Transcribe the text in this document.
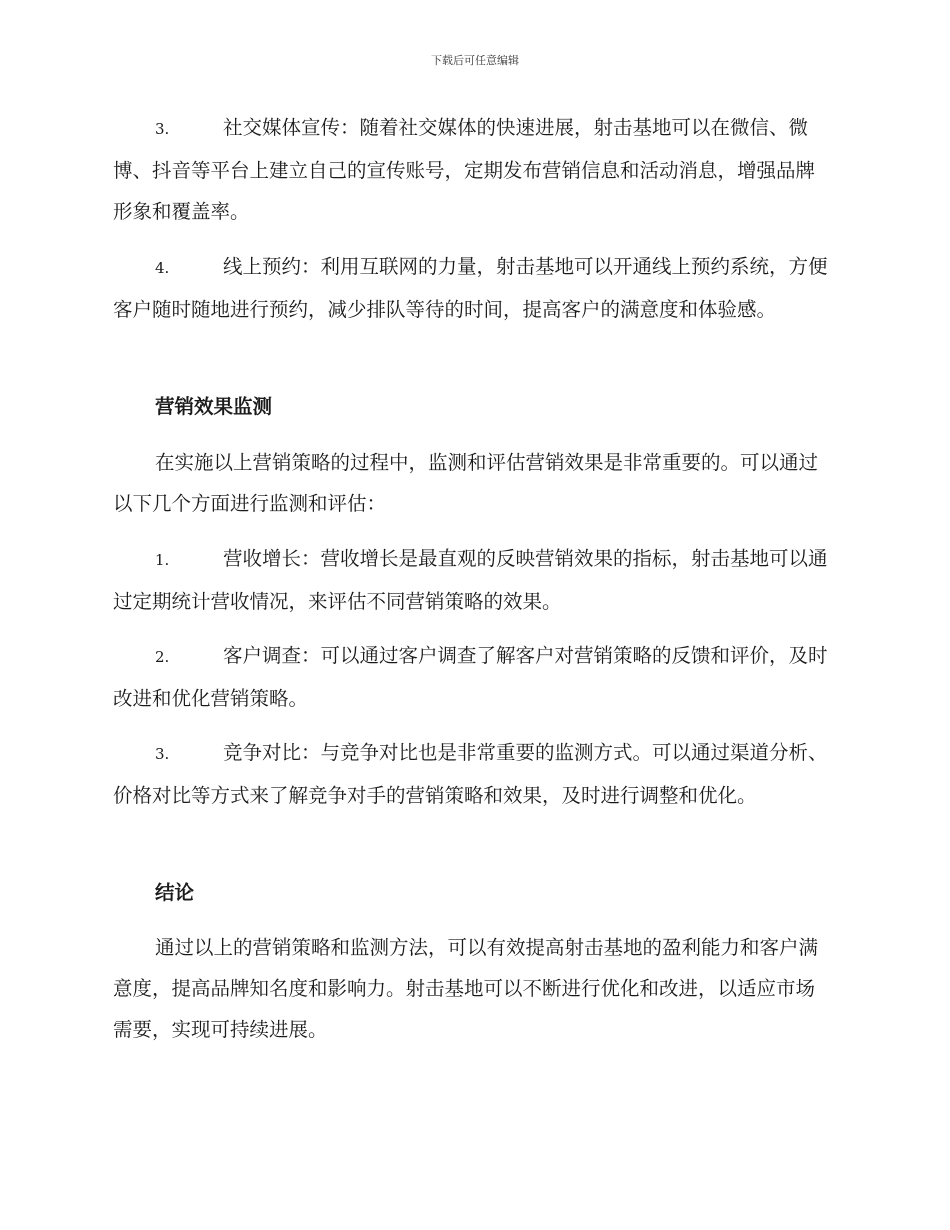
下载后可任意编辑
3.	社交媒体宣传：随着社交媒体的快速进展，射击基地可以在微信、微博、抖音等平台上建立自己的宣传账号，定期发布营销信息和活动消息，增强品牌形象和覆盖率。
4.	线上预约：利用互联网的力量，射击基地可以开通线上预约系统，方便客户随时随地进行预约，减少排队等待的时间，提高客户的满意度和体验感。
营销效果监测
在实施以上营销策略的过程中，监测和评估营销效果是非常重要的。可以通过以下几个方面进行监测和评估：
1.	营收增长：营收增长是最直观的反映营销效果的指标，射击基地可以通过定期统计营收情况，来评估不同营销策略的效果。
2.	客户调查：可以通过客户调查了解客户对营销策略的反馈和评价，及时改进和优化营销策略。
3.	竞争对比：与竞争对比也是非常重要的监测方式。可以通过渠道分析、价格对比等方式来了解竞争对手的营销策略和效果，及时进行调整和优化。
结论
通过以上的营销策略和监测方法，可以有效提高射击基地的盈利能力和客户满意度，提高品牌知名度和影响力。射击基地可以不断进行优化和改进，以适应市场需要，实现可持续进展。
